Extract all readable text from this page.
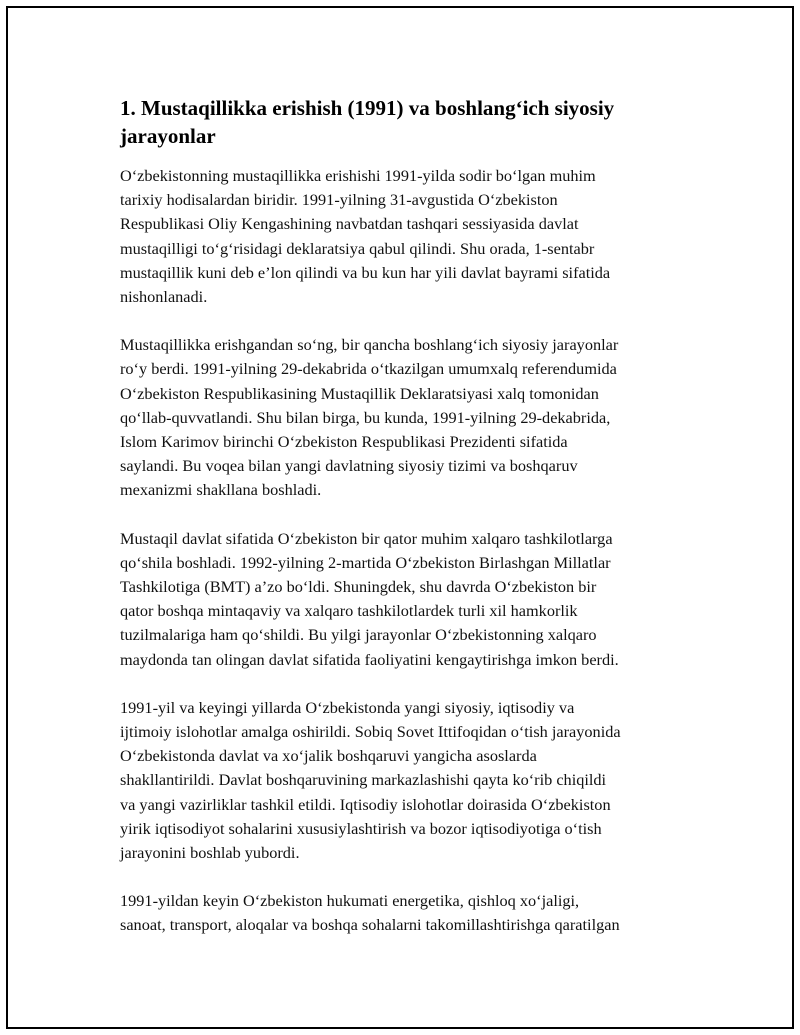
1. Mustaqillikka erishish (1991) va boshlang‘ich siyosiy
jarayonlar

O‘zbekistonning mustaqillikka erishishi 1991-yilda sodir bo‘lgan muhim
tarixiy hodisalardan biridir. 1991-yilning 31-avgustida O‘zbekiston
Respublikasi Oliy Kengashining navbatdan tashqari sessiyasida davlat
mustaqilligi to‘g‘risidagi deklaratsiya qabul qilindi. Shu orada, 1-sentabr
mustaqillik kuni deb e’lon qilindi va bu kun har yili davlat bayrami sifatida
nishonlanadi.

Mustaqillikka erishgandan so‘ng, bir qancha boshlang‘ich siyosiy jarayonlar
ro‘y berdi. 1991-yilning 29-dekabrida o‘tkazilgan umumxalq referendumida
O‘zbekiston Respublikasining Mustaqillik Deklaratsiyasi xalq tomonidan
qo‘llab-quvvatlandi. Shu bilan birga, bu kunda, 1991-yilning 29-dekabrida,
Islom Karimov birinchi O‘zbekiston Respublikasi Prezidenti sifatida
saylandi. Bu voqea bilan yangi davlatning siyosiy tizimi va boshqaruv
mexanizmi shakllana boshladi.

Mustaqil davlat sifatida O‘zbekiston bir qator muhim xalqaro tashkilotlarga
qo‘shila boshladi. 1992-yilning 2-martida O‘zbekiston Birlashgan Millatlar
Tashkilotiga (BMT) a’zo bo‘ldi. Shuningdek, shu davrda O‘zbekiston bir
qator boshqa mintaqaviy va xalqaro tashkilotlardek turli xil hamkorlik
tuzilmalariga ham qo‘shildi. Bu yilgi jarayonlar O‘zbekistonning xalqaro
maydonda tan olingan davlat sifatida faoliyatini kengaytirishga imkon berdi.

1991-yil va keyingi yillarda O‘zbekistonda yangi siyosiy, iqtisodiy va
ijtimoiy islohotlar amalga oshirildi. Sobiq Sovet Ittifoqidan o‘tish jarayonida
O‘zbekistonda davlat va xo‘jalik boshqaruvi yangicha asoslarda
shakllantirildi. Davlat boshqaruvining markazlashishi qayta ko‘rib chiqildi
va yangi vazirliklar tashkil etildi. Iqtisodiy islohotlar doirasida O‘zbekiston
yirik iqtisodiyot sohalarini xususiylashtirish va bozor iqtisodiyotiga o‘tish
jarayonini boshlab yubordi.

1991-yildan keyin O‘zbekiston hukumati energetika, qishloq xo‘jaligi,
sanoat, transport, aloqalar va boshqa sohalarni takomillashtirishga qaratilgan
